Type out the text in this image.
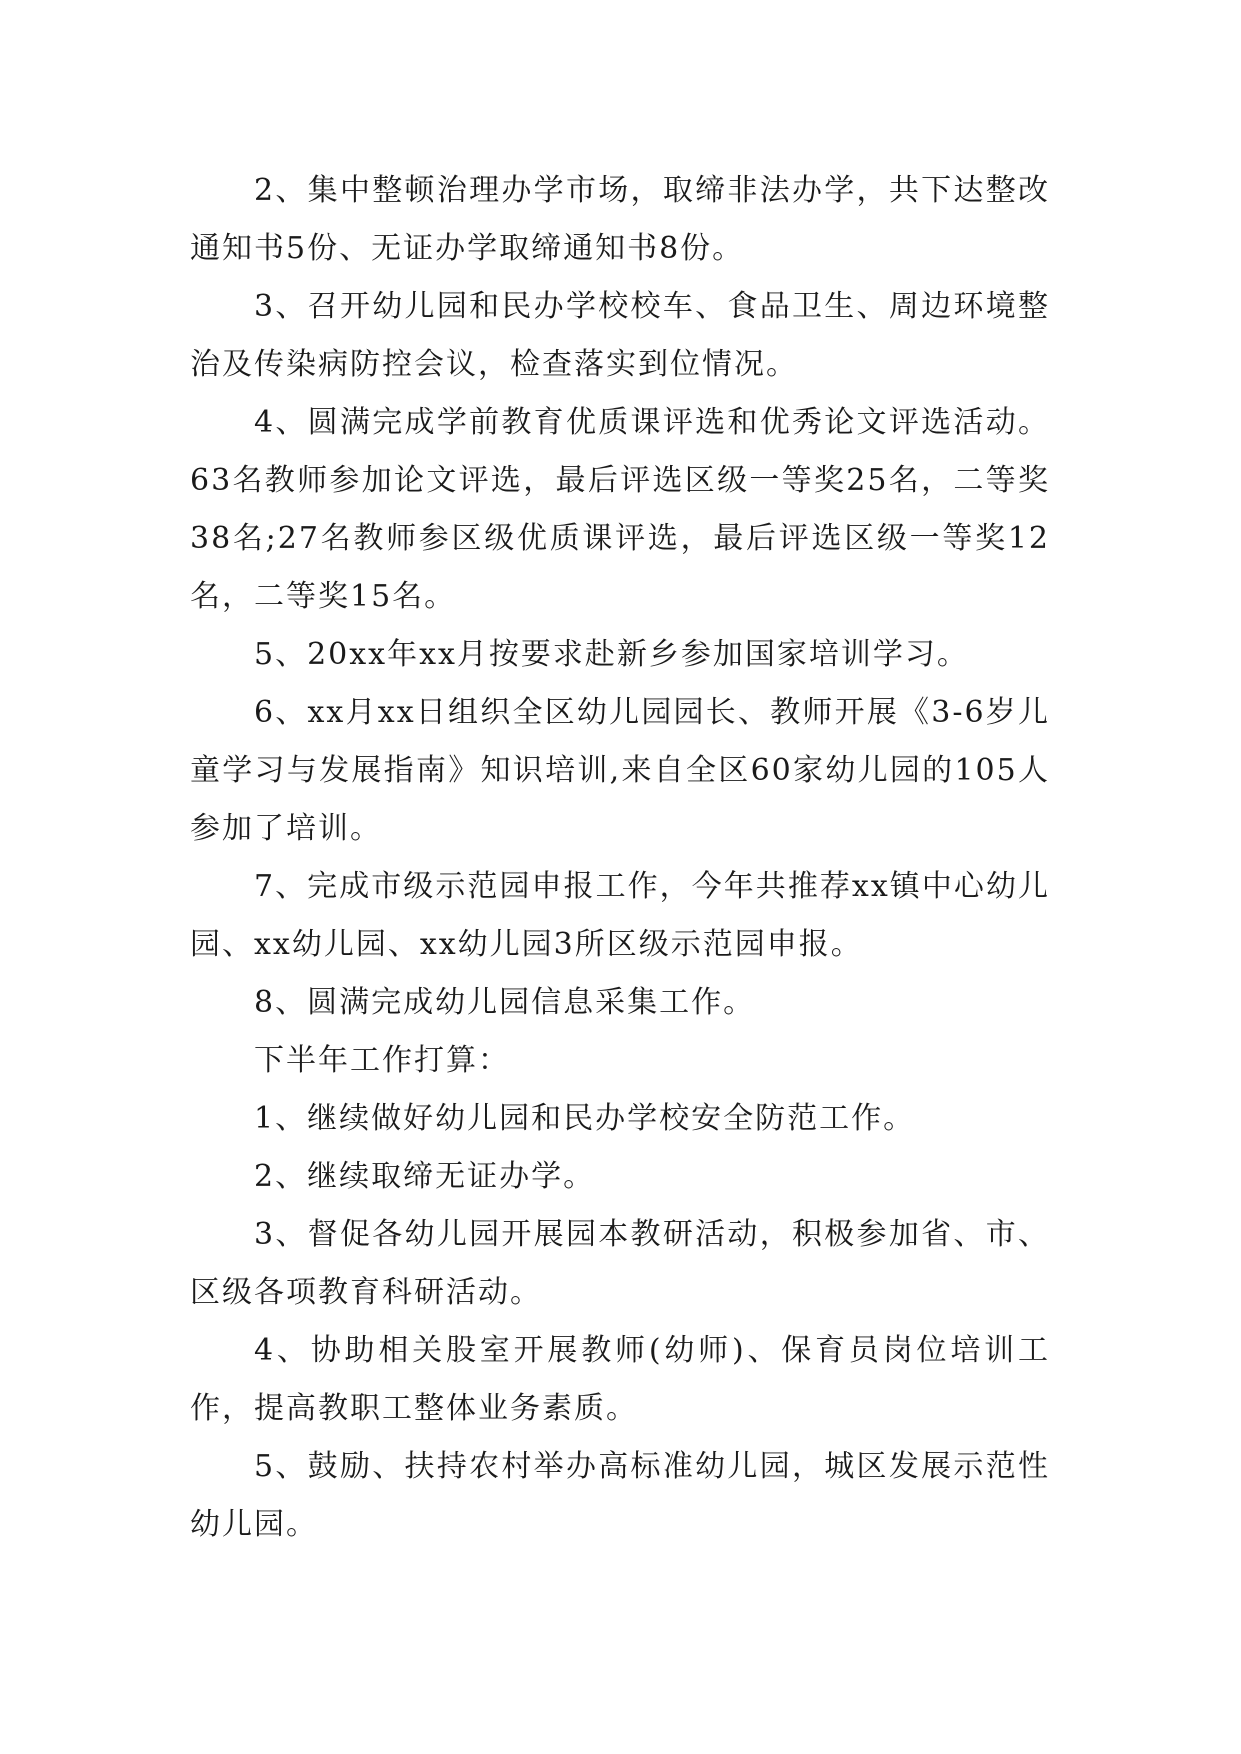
2、集中整顿治理办学市场，取缔非法办学，共下达整改通知书5份、无证办学取缔通知书8份。

3、召开幼儿园和民办学校校车、食品卫生、周边环境整治及传染病防控会议，检查落实到位情况。

4、圆满完成学前教育优质课评选和优秀论文评选活动。63名教师参加论文评选，最后评选区级一等奖25名，二等奖38名;27名教师参区级优质课评选，最后评选区级一等奖12名，二等奖15名。

5、20xx年xx月按要求赴新乡参加国家培训学习。

6、xx月xx日组织全区幼儿园园长、教师开展《3-6岁儿童学习与发展指南》知识培训,来自全区60家幼儿园的105人参加了培训。

7、完成市级示范园申报工作，今年共推荐xx镇中心幼儿园、xx幼儿园、xx幼儿园3所区级示范园申报。

8、圆满完成幼儿园信息采集工作。

下半年工作打算：

1、继续做好幼儿园和民办学校安全防范工作。

2、继续取缔无证办学。

3、督促各幼儿园开展园本教研活动，积极参加省、市、区级各项教育科研活动。

4、协助相关股室开展教师(幼师)、保育员岗位培训工作，提高教职工整体业务素质。

5、鼓励、扶持农村举办高标准幼儿园，城区发展示范性幼儿园。
